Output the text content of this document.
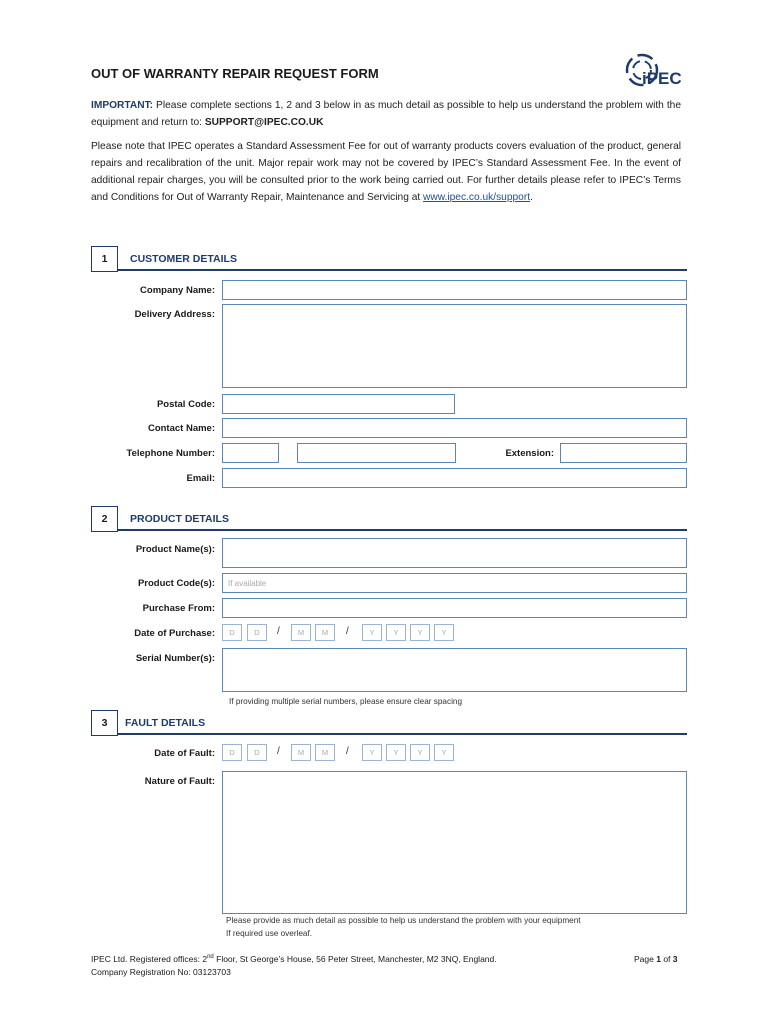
OUT OF WARRANTY REPAIR REQUEST FORM	iPEC
IMPORTANT: Please complete sections 1, 2 and 3 below in as much detail as possible to help us understand the problem with the equipment and return to: SUPPORT@IPEC.CO.UK
Please note that IPEC operates a Standard Assessment Fee for out of warranty products covers evaluation of the product, general repairs and recalibration of the unit. Major repair work may not be covered by IPEC’s Standard Assessment Fee. In the event of additional repair charges, you will be consulted prior to the work being carried out. For further details please refer to IPEC’s Terms and Conditions for Out of Warranty Repair, Maintenance and Servicing at www.ipec.co.uk/support.
1	CUSTOMER DETAILS
Company Name:
Delivery Address:
Postal Code:
Contact Name:
Telephone Number:	Extension:
Email:
2	PRODUCT DETAILS
Product Name(s):
Product Code(s):	If available
Purchase From:
Date of Purchase:	D	D	/	M	M	/	Y	Y	Y	Y
Serial Number(s):
If providing multiple serial numbers, please ensure clear spacing
3	FAULT DETAILS
Date of Fault:	D	D	/	M	M	/	Y	Y	Y	Y
Nature of Fault:
Please provide as much detail as possible to help us understand the problem with your equipment
If required use overleaf.
IPEC Ltd. Registered offices: 2nd Floor, St George’s House, 56 Peter Street, Manchester, M2 3NQ, England.
Company Registration No: 03123703
Page 1 of 3
